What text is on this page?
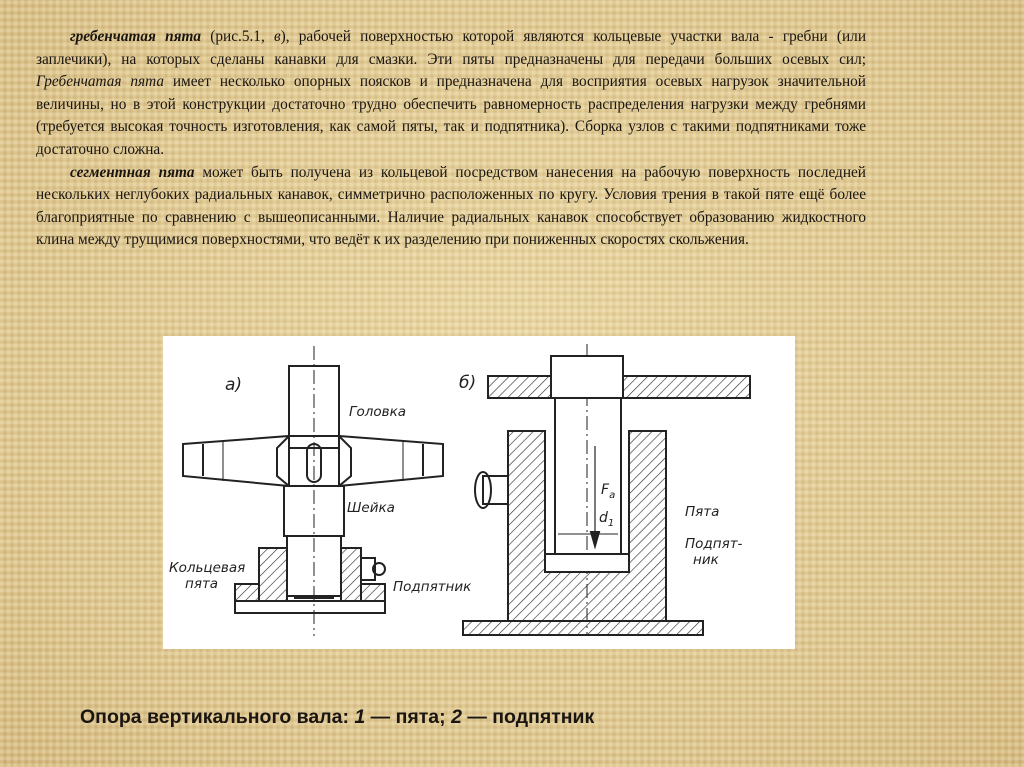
гребенчатая пята (рис.5.1, в), рабочей поверхностью которой являются кольцевые участки вала - гребни (или заплечики), на которых сделаны канавки для смазки. Эти пяты предназначены для передачи больших осевых сил; Гребенчатая пята имеет несколько опорных поясков и предназначена для восприятия осевых нагрузок значительной величины, но в этой конструкции достаточно трудно обеспечить равномерность распределения нагрузки между гребнями (требуется высокая точность изготовления, как самой пяты, так и подпятника). Сборка узлов с такими подпятниками тоже достаточно сложна.

сегментная пята может быть получена из кольцевой посредством нанесения на рабочую поверхность последней нескольких неглубоких радиальных канавок, симметрично расположенных по кругу. Условия трения в такой пяте ещё более благоприятные по сравнению с вышеописанными. Наличие радиальных канавок способствует образованию жидкостного клина между трущимися поверхностями, что ведёт к их разделению при пониженных скоростях скольжения.

а)	б)
Головка
Шейка
Кольцевая
пята	Подпятник
$F_a$
$d_1$
Пята
Подпят-
ник
Опора вертикального вала: 1 — пята; 2 — подпятник
